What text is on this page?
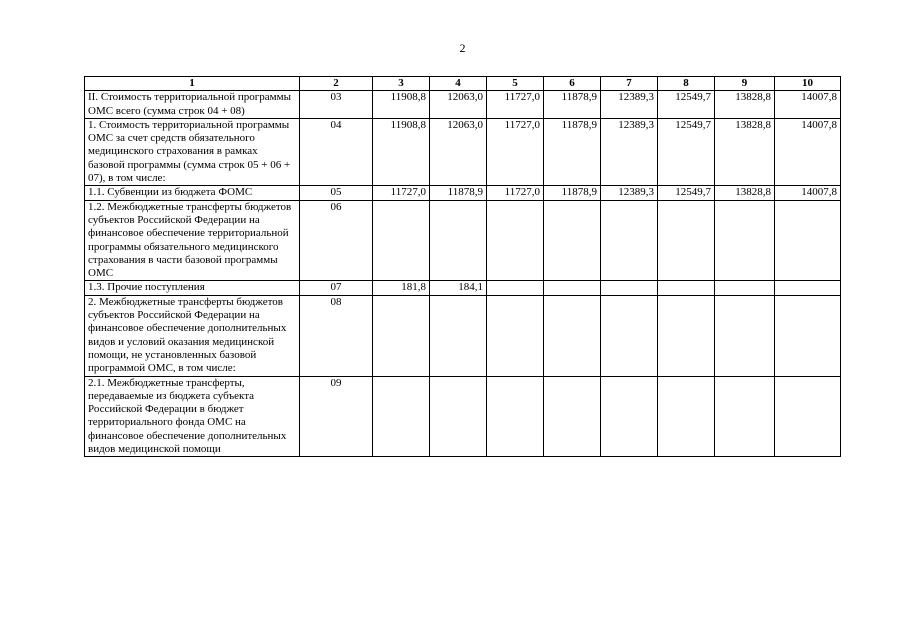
2
1	2	3	4	5	6	7	8	9	10
II. Стоимость территориальной программы ОМС всего (сумма строк 04 + 08)	03	11908,8	12063,0	11727,0	11878,9	12389,3	12549,7	13828,8	14007,8
1. Стоимость территориальной программы ОМС за счет средств обязательного медицинского страхования в рамках базовой программы (сумма строк 05 + 06 + 07), в том числе:	04	11908,8	12063,0	11727,0	11878,9	12389,3	12549,7	13828,8	14007,8
1.1. Субвенции из бюджета ФОМС	05	11727,0	11878,9	11727,0	11878,9	12389,3	12549,7	13828,8	14007,8
1.2. Межбюджетные трансферты бюджетов субъектов Российской Федерации на финансовое обеспечение территориальной программы обязательного медицинского страхования в части базовой программы ОМС	06								
1.3. Прочие поступления	07	181,8	184,1						
2. Межбюджетные трансферты бюджетов субъектов Российской Федерации на финансовое обеспечение дополнительных видов и условий оказания медицинской помощи, не установленных базовой программой ОМС, в том числе:	08								
2.1. Межбюджетные трансферты, передаваемые из бюджета субъекта Российской Федерации в бюджет территориального фонда ОМС на финансовое обеспечение дополнительных видов медицинской помощи	09								
